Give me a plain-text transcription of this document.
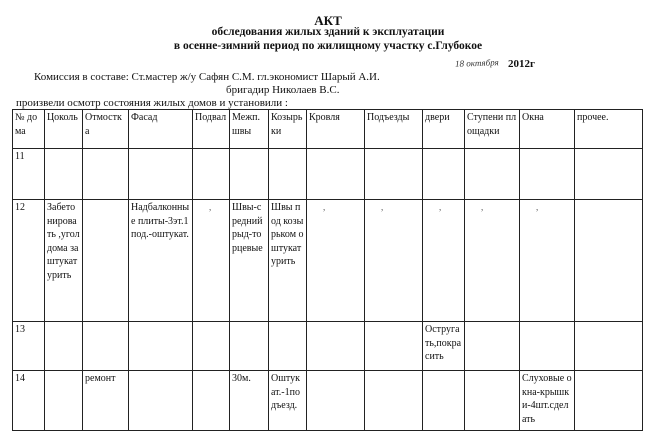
АКТ
обследования жилых зданий к эксплуатации
в осенне-зимний период по жилищному участку с.Глубокое
18 октября 2012г
Комиссия в составе: Ст.мастер ж/у Сафян С.М. гл.экономист Шарый А.И.
бригадир Николаев В.С.
произвели осмотр состояния жилых домов и установили :
№ дома	Цоколь	Отмостка	Фасад	Подвал	Межп. швы	Козырьки	Кровля	Подъезды	двери	Ступени площадки	Окна	прочее.
11												
12	Забетонировать ,угол дома заштукатурить		Надбалконные плиты-3эт.1под.-оштукат.	,	Швы-средний рыд-торцевые	Швы под козырьком оштукатурить	,	,	,	,	,	
13									Остругать,покрасить			
14		ремонт			30м.	Оштукат.-1подъезд.					Слуховые окна-крышки-4шт.сделать	
